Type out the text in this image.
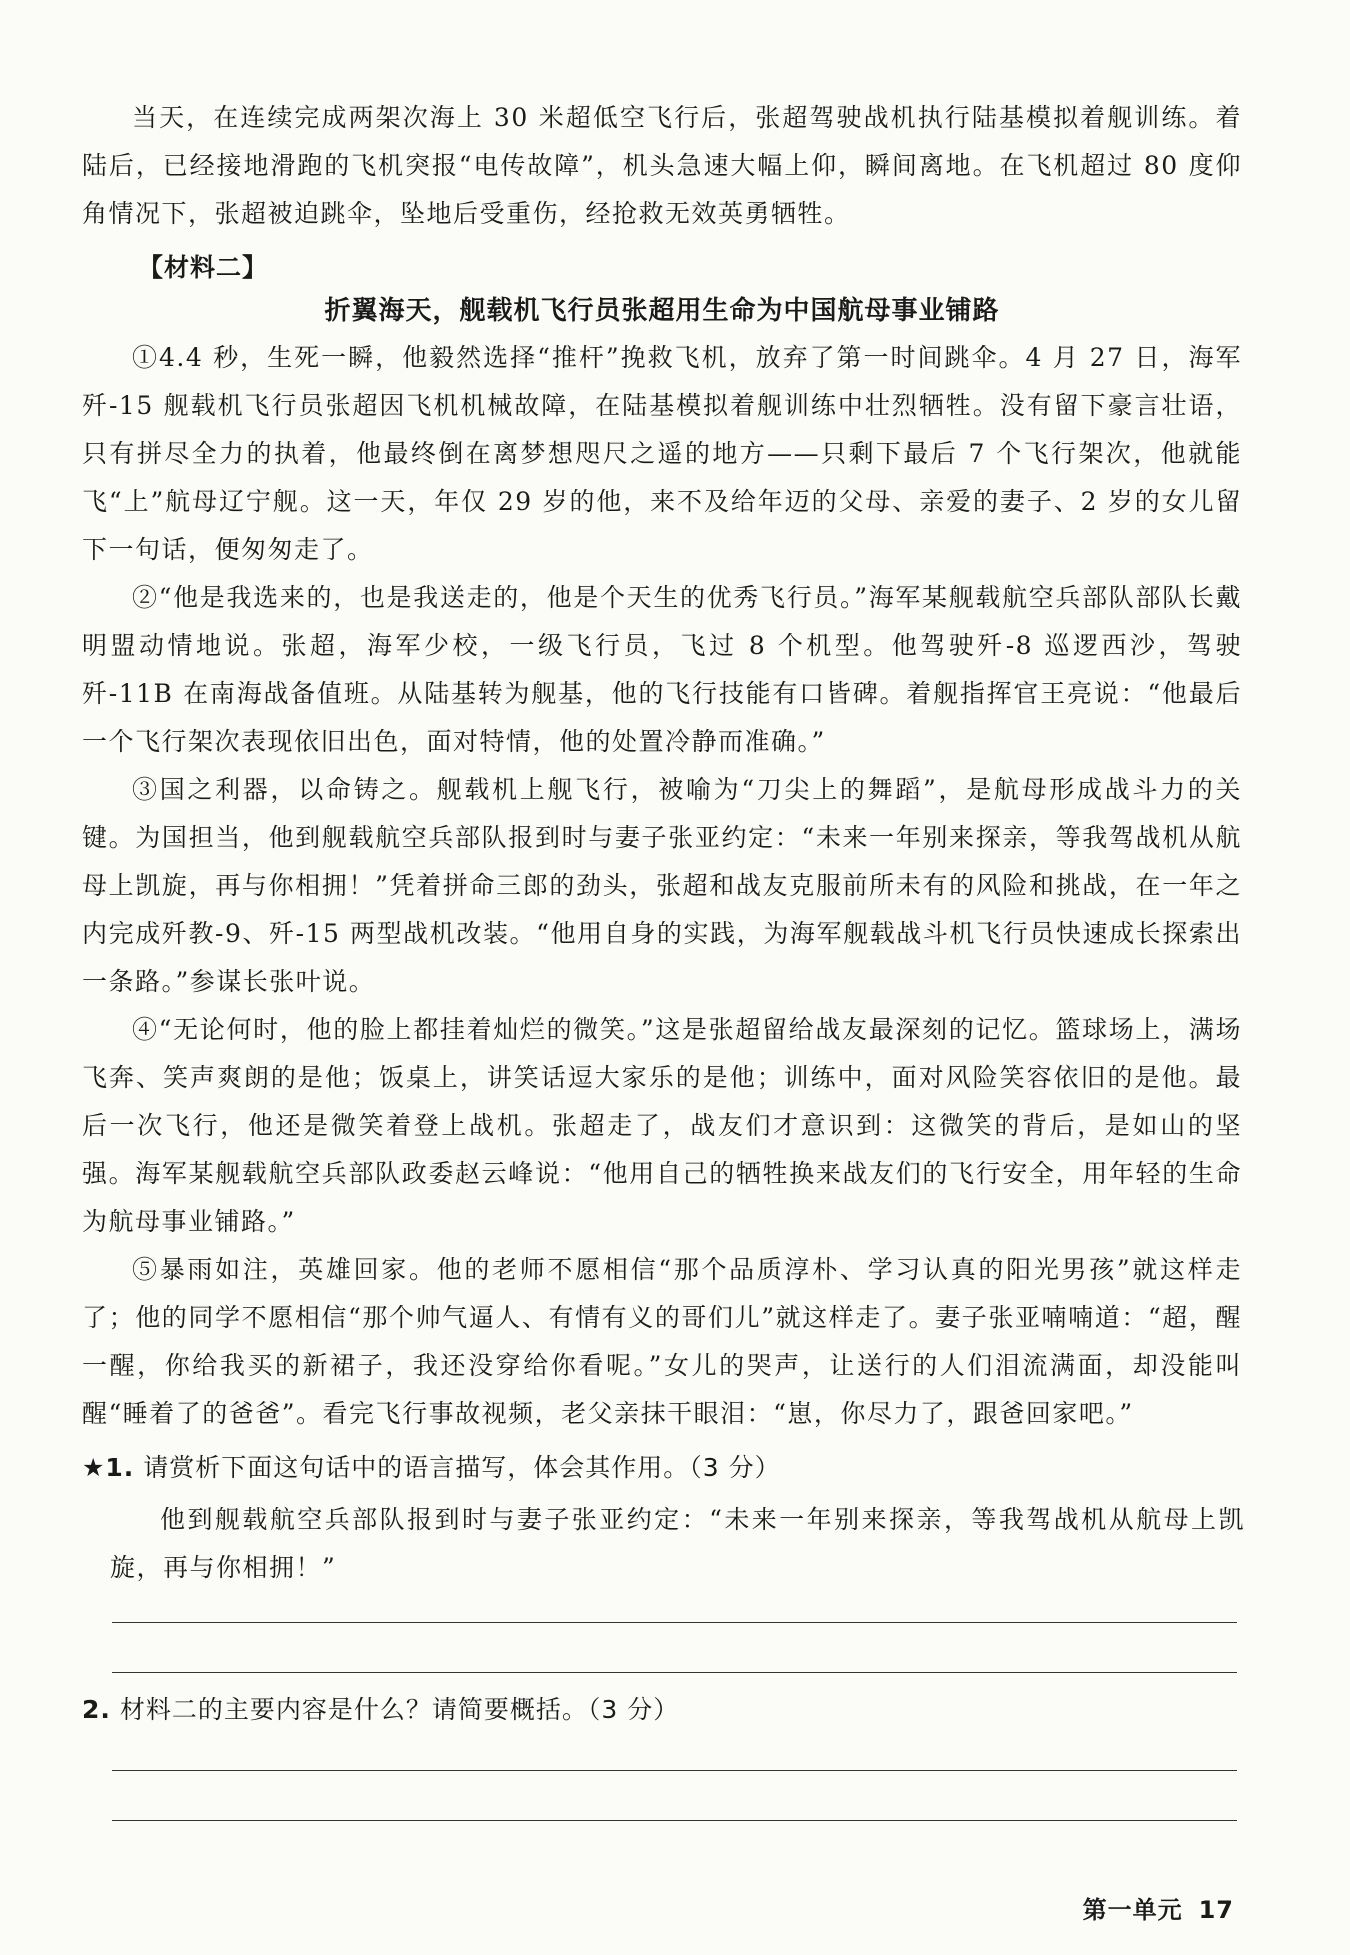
当天，在连续完成两架次海上 30 米超低空飞行后，张超驾驶战机执行陆基模拟着舰训练。着陆后，已经接地滑跑的飞机突报“电传故障”，机头急速大幅上仰，瞬间离地。在飞机超过 80 度仰角情况下，张超被迫跳伞，坠地后受重伤，经抢救无效英勇牺牲。

【材料二】
折翼海天，舰载机飞行员张超用生命为中国航母事业铺路

①4.4 秒，生死一瞬，他毅然选择“推杆”挽救飞机，放弃了第一时间跳伞。4 月 27 日，海军歼-15 舰载机飞行员张超因飞机机械故障，在陆基模拟着舰训练中壮烈牺牲。没有留下豪言壮语，只有拼尽全力的执着，他最终倒在离梦想咫尺之遥的地方——只剩下最后 7 个飞行架次，他就能飞“上”航母辽宁舰。这一天，年仅 29 岁的他，来不及给年迈的父母、亲爱的妻子、2 岁的女儿留下一句话，便匆匆走了。

②“他是我选来的，也是我送走的，他是个天生的优秀飞行员。”海军某舰载航空兵部队部队长戴明盟动情地说。张超，海军少校，一级飞行员，飞过 8 个机型。他驾驶歼-8 巡逻西沙，驾驶歼-11B 在南海战备值班。从陆基转为舰基，他的飞行技能有口皆碑。着舰指挥官王亮说：“他最后一个飞行架次表现依旧出色，面对特情，他的处置冷静而准确。”

③国之利器，以命铸之。舰载机上舰飞行，被喻为“刀尖上的舞蹈”，是航母形成战斗力的关键。为国担当，他到舰载航空兵部队报到时与妻子张亚约定：“未来一年别来探亲，等我驾战机从航母上凯旋，再与你相拥！”凭着拼命三郎的劲头，张超和战友克服前所未有的风险和挑战，在一年之内完成歼教-9、歼-15 两型战机改装。“他用自身的实践，为海军舰载战斗机飞行员快速成长探索出一条路。”参谋长张叶说。

④“无论何时，他的脸上都挂着灿烂的微笑。”这是张超留给战友最深刻的记忆。篮球场上，满场飞奔、笑声爽朗的是他；饭桌上，讲笑话逗大家乐的是他；训练中，面对风险笑容依旧的是他。最后一次飞行，他还是微笑着登上战机。张超走了，战友们才意识到：这微笑的背后，是如山的坚强。海军某舰载航空兵部队政委赵云峰说：“他用自己的牺牲换来战友们的飞行安全，用年轻的生命为航母事业铺路。”

⑤暴雨如注，英雄回家。他的老师不愿相信“那个品质淳朴、学习认真的阳光男孩”就这样走了；他的同学不愿相信“那个帅气逼人、有情有义的哥们儿”就这样走了。妻子张亚喃喃道：“超，醒一醒，你给我买的新裙子，我还没穿给你看呢。”女儿的哭声，让送行的人们泪流满面，却没能叫醒“睡着了的爸爸”。看完飞行事故视频，老父亲抹干眼泪：“崽，你尽力了，跟爸回家吧。”

★1. 请赏析下面这句话中的语言描写，体会其作用。（3 分）
他到舰载航空兵部队报到时与妻子张亚约定：“未来一年别来探亲，等我驾战机从航母上凯旋，再与你相拥！”
2. 材料二的主要内容是什么？请简要概括。（3 分）
第一单元 17
